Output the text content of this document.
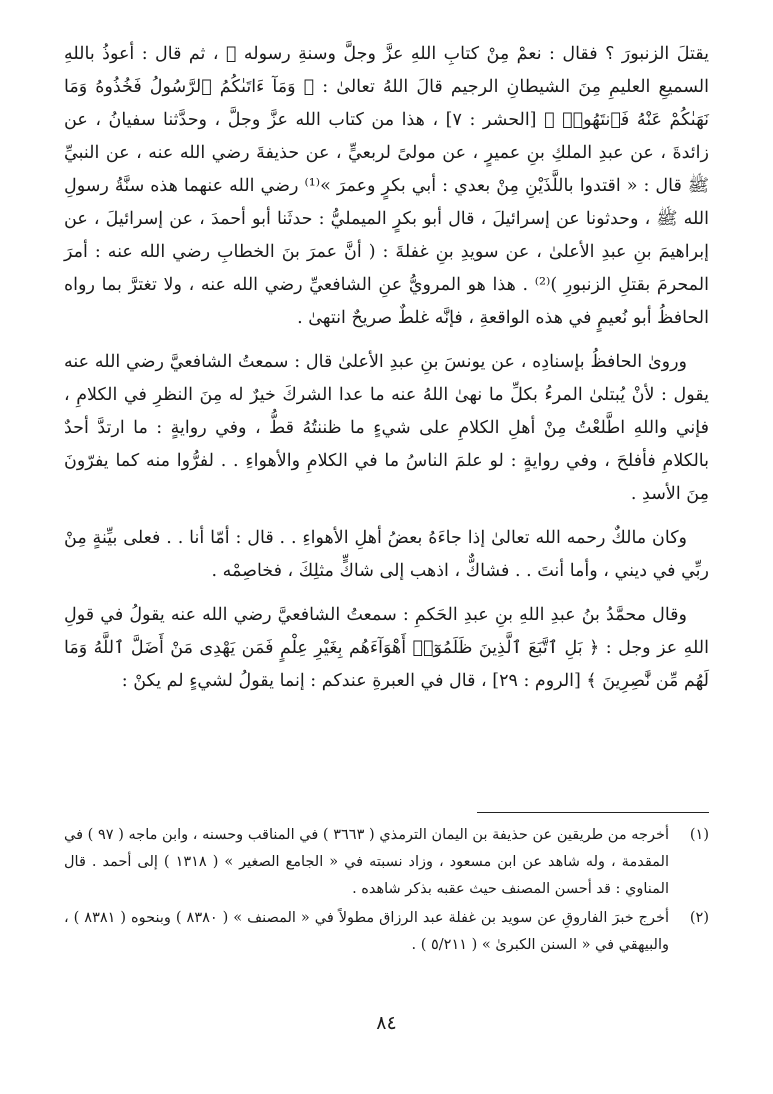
يقتلَ الزنبورَ ؟ فقال : نعمْ مِنْ كتابِ اللهِ عزَّ وجلَّ وسنةِ رسوله ﷺ ، ثم قال : أعوذُ باللهِ السميعِ العليمِ مِنَ الشيطانِ الرجيم قالَ اللهُ تعالىٰ : ﴿ وَمَآ ءَاتَىٰكُمُ ٱلرَّسُولُ فَخُذُوهُ وَمَا نَهَىٰكُمْ عَنْهُ فَٱنتَهُوا۟ ﴾ [الحشر : ٧] ، هذا من كتاب الله عزَّ وجلَّ ، وحدَّثنا سفيانُ ، عن زائدةَ ، عن عبدِ الملكِ بنِ عميرٍ ، عن مولىً لربعيٍّ ، عن حذيفةَ رضي الله عنه ، عن النبيِّ ﷺ قال : « اقتدوا باللَّذَيْنِ مِنْ بعدي : أبي بكرٍ وعمرَ »⁽¹⁾ رضي الله عنهما هذه سنَّةُ رسولِ الله ﷺ ، وحدثونا عن إسرائيلَ ، قال أبو بكرٍ الميمليُّ : حدثَنا أبو أحمدَ ، عن إسرائيلَ ، عن إبراهيمَ بنِ عبدِ الأعلىٰ ، عن سويدِ بنِ غفلةَ : ( أنَّ عمرَ بنَ الخطابِ رضي الله عنه : أمرَ المحرمَ بقتلِ الزنبورِ )⁽²⁾ . هذا هو المرويُّ عنِ الشافعيِّ رضي الله عنه ، ولا تغترَّ بما رواه الحافظُ أبو نُعيمٍ في هذه الواقعةِ ، فإنَّه غلطٌ صريحٌ انتهىٰ .

وروىٰ الحافظُ بإسنادِه ، عن يونسَ بنِ عبدِ الأعلىٰ قال : سمعتُ الشافعيَّ رضي الله عنه يقول : لأنْ يُبتلىٰ المرءُ بكلِّ ما نهىٰ اللهُ عنه ما عدا الشركَ خيرٌ له مِنَ النظرِ في الكلامِ ، فإني واللهِ اطَّلعْتُ مِنْ أهلِ الكلامِ على شيءٍ ما ظننتُهُ قطُّ ، وفي روايةٍ : ما ارتدَّ أحدٌ بالكلامِ فأفلحَ ، وفي روايةٍ : لو علمَ الناسُ ما في الكلامِ والأهواءِ . . لفرُّوا منه كما يفرّونَ مِنَ الأسدِ .

وكان مالكٌ رحمه الله تعالىٰ إذا جاءَهُ بعضُ أهلِ الأهواءِ . . قال : أمّا أنا . . فعلى بيِّنةٍ مِنْ ربِّي في ديني ، وأما أنتَ . . فشاكٌّ ، اذهب إلى شاكٍّ مثلِكَ ، فخاصِمْه .

وقال محمَّدُ بنُ عبدِ اللهِ بنِ عبدِ الحَكمِ : سمعتُ الشافعيَّ رضي الله عنه يقولُ في قولِ اللهِ عز وجل : ﴿ بَلِ ٱتَّبَعَ ٱلَّذِينَ ظَلَمُوٓا۟ أَهْوَآءَهُم بِغَيْرِ عِلْمٍ فَمَن يَهْدِى مَنْ أَضَلَّ ٱللَّهُ وَمَا لَهُم مِّن نَّٰصِرِينَ ﴾ [الروم : ٢٩] ، قال في العبرةِ عندكم : إنما يقولُ لشيءٍ لم يكنْ :

(١)
أخرجه من طريقين عن حذيفة بن اليمان الترمذي ( ٣٦٦٣ ) في المناقب وحسنه ، وابن ماجه ( ٩٧ ) في المقدمة ، وله شاهد عن ابن مسعود ، وزاد نسبته في « الجامع الصغير » ( ١٣١٨ ) إلى أحمد . قال المناوي : قد أحسن المصنف حيث عقبه بذكر شاهده .
(٢)
أخرج خبرَ الفاروقِ عن سويد بن غفلة عبد الرزاق مطولاً في « المصنف » ( ٨٣٨٠ ) وبنحوه ( ٨٣٨١ ) ، والبيهقي في « السنن الكبرىٰ » ( ٥/٢١١ ) .
٨٤
